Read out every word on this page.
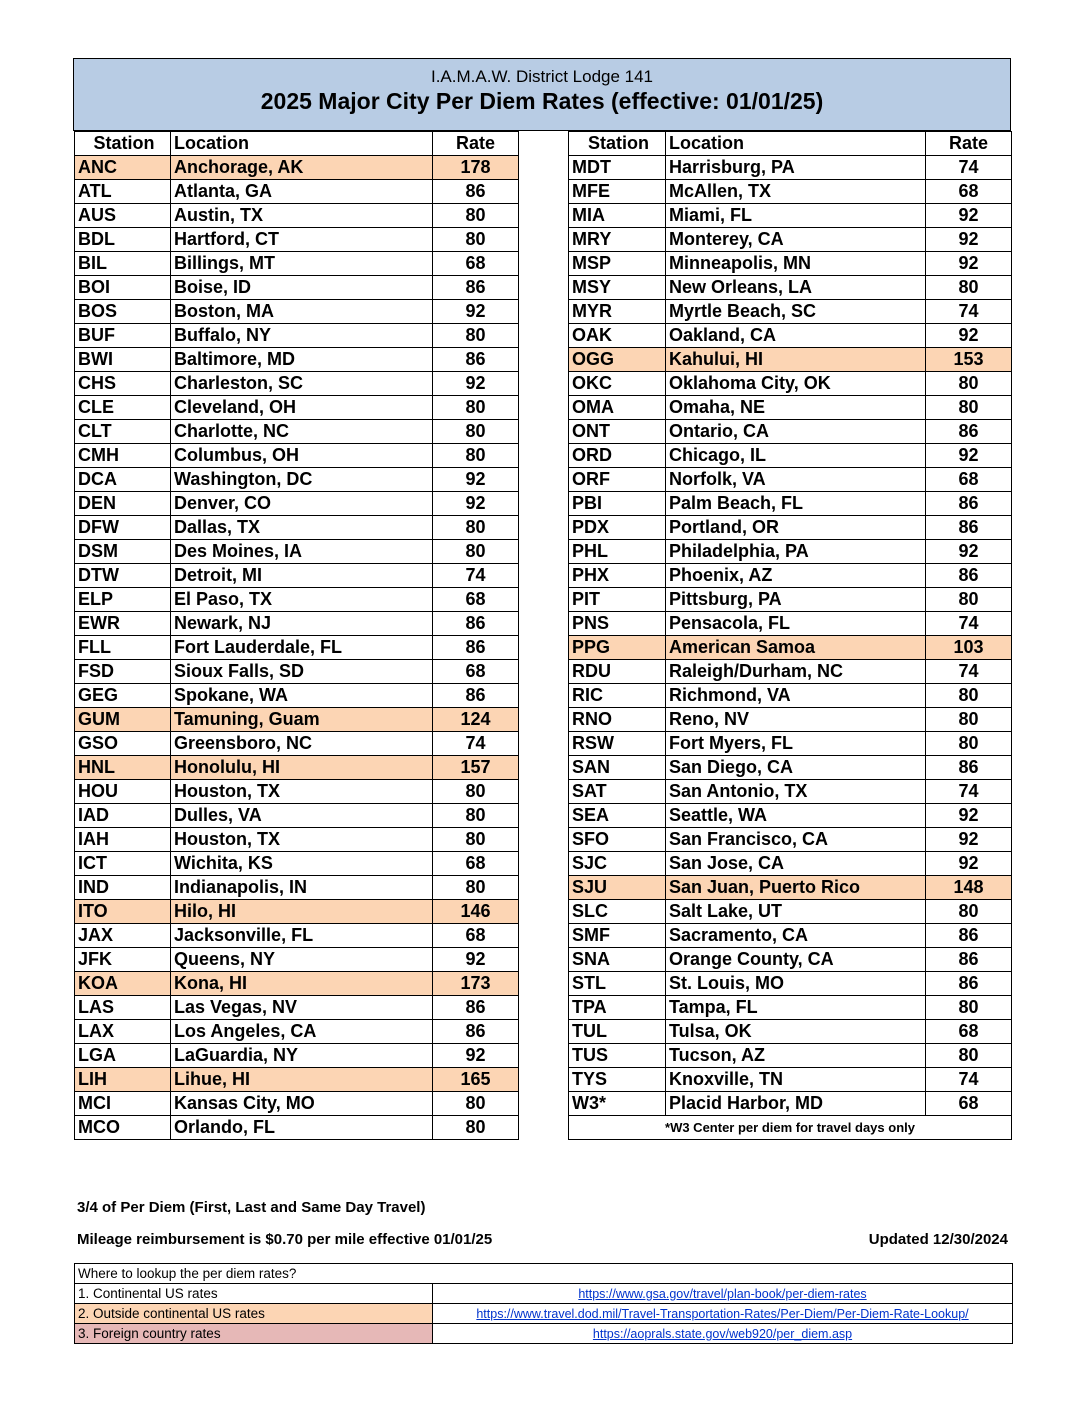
I.A.M.A.W. District Lodge 141
2025 Major City Per Diem Rates (effective: 01/01/25)
Station	Location	Rate
ANC	Anchorage, AK	178
ATL	Atlanta, GA	86
AUS	Austin, TX	80
BDL	Hartford, CT	80
BIL	Billings, MT	68
BOI	Boise, ID	86
BOS	Boston, MA	92
BUF	Buffalo, NY	80
BWI	Baltimore, MD	86
CHS	Charleston, SC	92
CLE	Cleveland, OH	80
CLT	Charlotte, NC	80
CMH	Columbus, OH	80
DCA	Washington, DC	92
DEN	Denver, CO	92
DFW	Dallas, TX	80
DSM	Des Moines, IA	80
DTW	Detroit, MI	74
ELP	El Paso, TX	68
EWR	Newark, NJ	86
FLL	Fort Lauderdale, FL	86
FSD	Sioux Falls, SD	68
GEG	Spokane, WA	86
GUM	Tamuning, Guam	124
GSO	Greensboro, NC	74
HNL	Honolulu, HI	157
HOU	Houston, TX	80
IAD	Dulles, VA	80
IAH	Houston, TX	80
ICT	Wichita, KS	68
IND	Indianapolis, IN	80
ITO	Hilo, HI	146
JAX	Jacksonville, FL	68
JFK	Queens, NY	92
KOA	Kona, HI	173
LAS	Las Vegas, NV	86
LAX	Los Angeles, CA	86
LGA	LaGuardia, NY	92
LIH	Lihue, HI	165
MCI	Kansas City, MO	80
MCO	Orlando, FL	80
Station	Location	Rate
MDT	Harrisburg, PA	74
MFE	McAllen, TX	68
MIA	Miami, FL	92
MRY	Monterey, CA	92
MSP	Minneapolis, MN	92
MSY	New Orleans, LA	80
MYR	Myrtle Beach, SC	74
OAK	Oakland, CA	92
OGG	Kahului, HI	153
OKC	Oklahoma City, OK	80
OMA	Omaha, NE	80
ONT	Ontario, CA	86
ORD	Chicago, IL	92
ORF	Norfolk, VA	68
PBI	Palm Beach, FL	86
PDX	Portland, OR	86
PHL	Philadelphia, PA	92
PHX	Phoenix, AZ	86
PIT	Pittsburg, PA	80
PNS	Pensacola, FL	74
PPG	American Samoa	103
RDU	Raleigh/Durham, NC	74
RIC	Richmond, VA	80
RNO	Reno, NV	80
RSW	Fort Myers, FL	80
SAN	San Diego, CA	86
SAT	San Antonio, TX	74
SEA	Seattle, WA	92
SFO	San Francisco, CA	92
SJC	San Jose, CA	92
SJU	San Juan, Puerto Rico	148
SLC	Salt Lake, UT	80
SMF	Sacramento, CA	86
SNA	Orange County, CA	86
STL	St. Louis, MO	86
TPA	Tampa, FL	80
TUL	Tulsa, OK	68
TUS	Tucson, AZ	80
TYS	Knoxville, TN	74
W3*	Placid Harbor, MD	68
*W3 Center per diem for travel days only		
3/4 of Per Diem (First, Last and Same Day Travel)
Mileage reimbursement is $0.70 per mile effective 01/01/25	Updated 12/30/2024
Where to lookup the per diem rates?	
1. Continental US rates	https://www.gsa.gov/travel/plan-book/per-diem-rates
2. Outside continental US rates	https://www.travel.dod.mil/Travel-Transportation-Rates/Per-Diem/Per-Diem-Rate-Lookup/
3. Foreign country rates	https://aoprals.state.gov/web920/per_diem.asp
